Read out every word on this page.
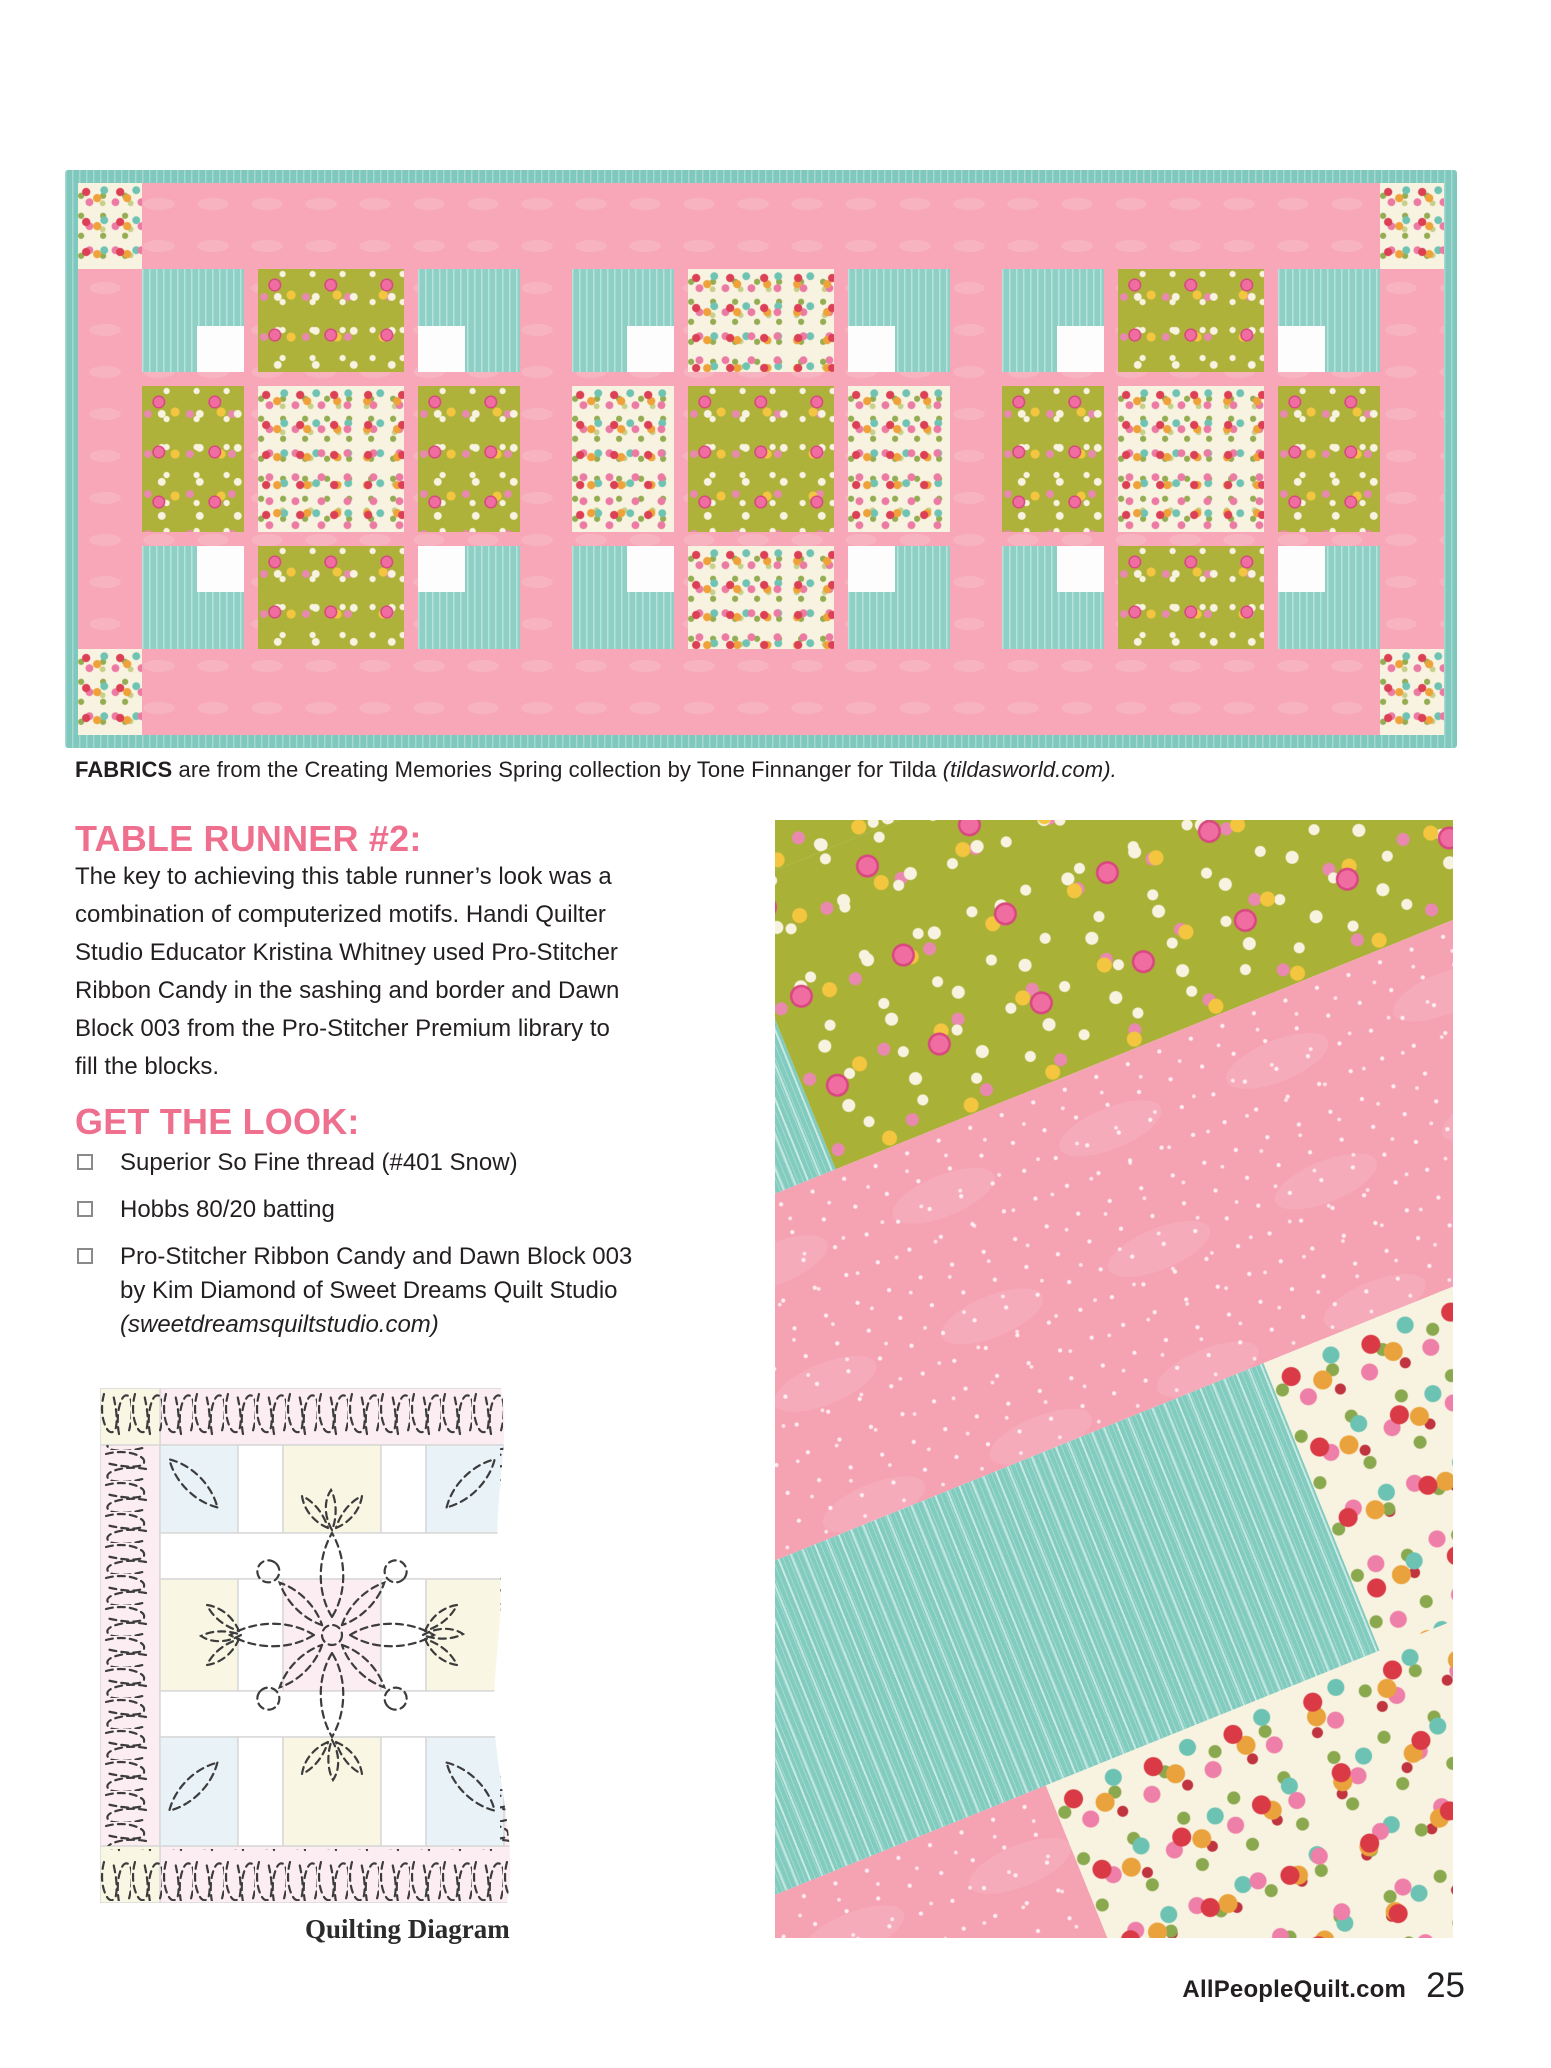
FABRICS are from the Creating Memories Spring collection by Tone Finnanger for Tilda (tildasworld.com).

TABLE RUNNER #2:
The key to achieving this table runner’s look was a
combination of computerized motifs. Handi Quilter
Studio Educator Kristina Whitney used Pro-Stitcher
Ribbon Candy in the sashing and border and Dawn
Block 003 from the Pro-Stitcher Premium library to
fill the blocks.
GET THE LOOK:
Superior So Fine thread (#401 Snow)
Hobbs 80/20 batting
Pro-Stitcher Ribbon Candy and Dawn Block 003
by Kim Diamond of Sweet Dreams Quilt Studio
(sweetdreamsquiltstudio.com)
Quilting Diagram
AllPeopleQuilt.com 25
